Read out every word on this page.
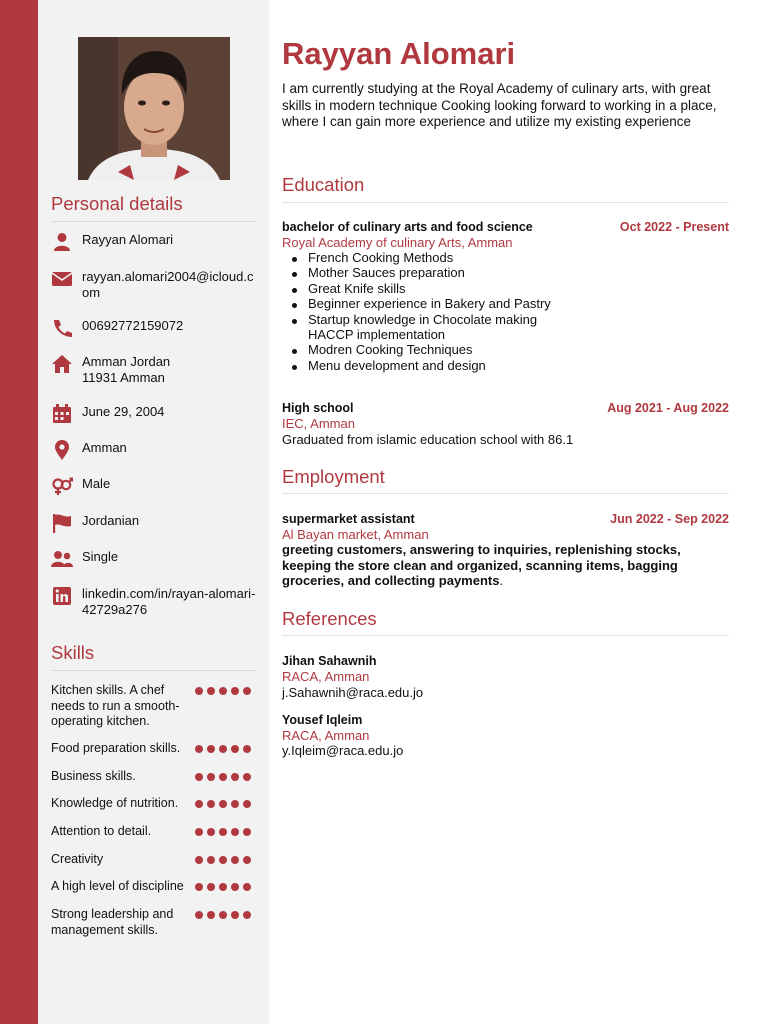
Personal details
Rayyan Alomari
rayyan.alomari2004@icloud.com
00692772159072
Amman Jordan
11931 Amman
June 29, 2004
Amman
Male
Jordanian
Single
linkedin.com/in/rayan-alomari-42729a276
Skills
Kitchen skills. A chef needs to run a smooth-operating kitchen.
Food preparation skills.
Business skills.
Knowledge of nutrition.
Attention to detail.
Creativity
A high level of discipline
Strong leadership and management skills.
Rayyan Alomari
I am currently studying at the Royal Academy of culinary arts, with great skills in modern technique Cooking looking forward to working in a place, where I can gain more experience and utilize my existing experience
Education
bachelor of culinary arts and food science	Oct 2022 - Present
Royal Academy of culinary Arts, Amman
French Cooking Methods
Mother Sauces preparation
Great Knife skills
Beginner experience in Bakery and Pastry
Startup knowledge in Chocolate making HACCP implementation
Modren Cooking Techniques
Menu development and design
High school	Aug 2021 - Aug 2022
IEC, Amman
Graduated from islamic education school with 86.1
Employment
supermarket assistant	Jun 2022 - Sep 2022
Al Bayan market, Amman
greeting customers, answering to inquiries, replenishing stocks, keeping the store clean and organized, scanning items, bagging groceries, and collecting payments.
References
Jihan Sahawnih
RACA, Amman
j.Sahawnih@raca.edu.jo
Yousef Iqleim
RACA, Amman
y.Iqleim@raca.edu.jo
